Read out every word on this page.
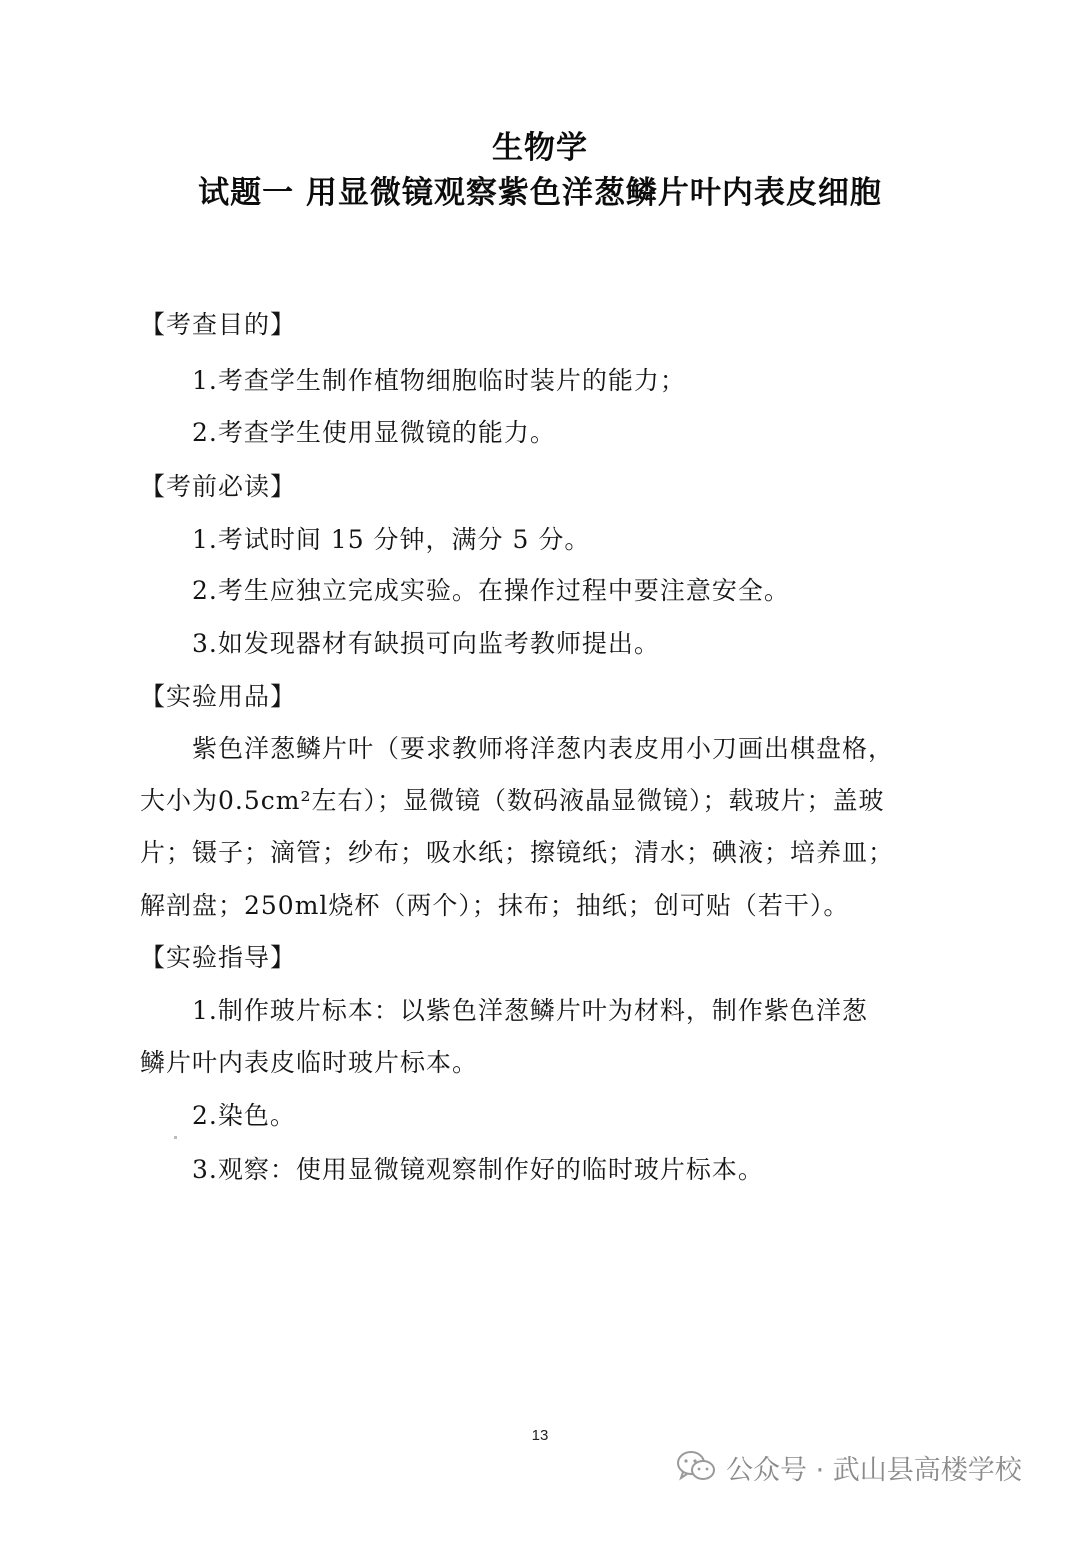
生物学
试题一 用显微镜观察紫色洋葱鳞片叶内表皮细胞
【考查目的】
1.考查学生制作植物细胞临时装片的能力；
2.考查学生使用显微镜的能力。
【考前必读】
1.考试时间 15 分钟，满分 5 分。
2.考生应独立完成实验。在操作过程中要注意安全。
3.如发现器材有缺损可向监考教师提出。
【实验用品】
紫色洋葱鳞片叶（要求教师将洋葱内表皮用小刀画出棋盘格，
大小为0.5cm²左右）；显微镜（数码液晶显微镜）；载玻片；盖玻
片；镊子；滴管；纱布；吸水纸；擦镜纸；清水；碘液；培养皿；
解剖盘；250ml烧杯（两个）；抹布；抽纸；创可贴（若干）。
【实验指导】
1.制作玻片标本：以紫色洋葱鳞片叶为材料，制作紫色洋葱
鳞片叶内表皮临时玻片标本。
2.染色。
3.观察：使用显微镜观察制作好的临时玻片标本。
13
公众号 · 武山县高楼学校
